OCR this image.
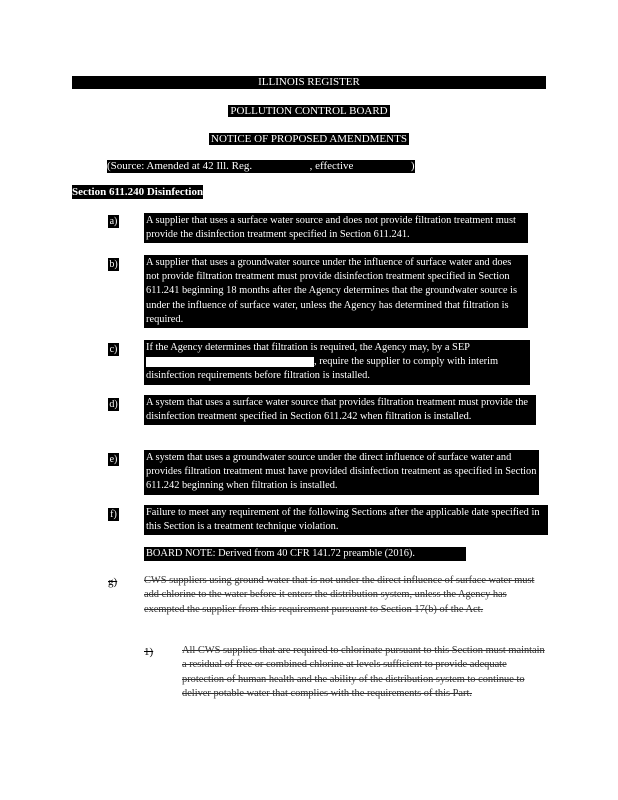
ILLINOIS REGISTER
POLLUTION CONTROL BOARD
NOTICE OF PROPOSED AMENDMENTS
(Source: Amended at 42 Ill. Reg.	, effective	)
Section 611.240 Disinfection
a)	A supplier that uses a surface water source and does not provide filtration treatment must provide the disinfection treatment specified in Section 611.241.
b)	A supplier that uses a groundwater source under the influence of surface water and does not provide filtration treatment must provide disinfection treatment specified in Section 611.241 beginning 18 months after the Agency determines that the groundwater source is under the influence of surface water, unless the Agency has determined that filtration is required.
c)	If the Agency determines that filtration is required, the Agency may, by a SEP , require the supplier to comply with interim disinfection requirements before filtration is installed.
d)	A system that uses a surface water source that provides filtration treatment must provide the disinfection treatment specified in Section 611.242 when filtration is installed.
e)	A system that uses a groundwater source under the direct influence of surface water and provides filtration treatment must have provided disinfection treatment as specified in Section 611.242 beginning when filtration is installed.
f)	Failure to meet any requirement of the following Sections after the applicable date specified in this Section is a treatment technique violation.
BOARD NOTE: Derived from 40 CFR 141.72 preamble (2016).
g)	CWS suppliers using ground water that is not under the direct influence of surface water must add chlorine to the water before it enters the distribution system, unless the Agency has exempted the supplier from this requirement pursuant to Section 17(b) of the Act.
1)	All CWS supplies that are required to chlorinate pursuant to this Section must maintain a residual of free or combined chlorine at levels sufficient to provide adequate protection of human health and the ability of the distribution system to continue to deliver potable water that complies with the requirements of this Part.
